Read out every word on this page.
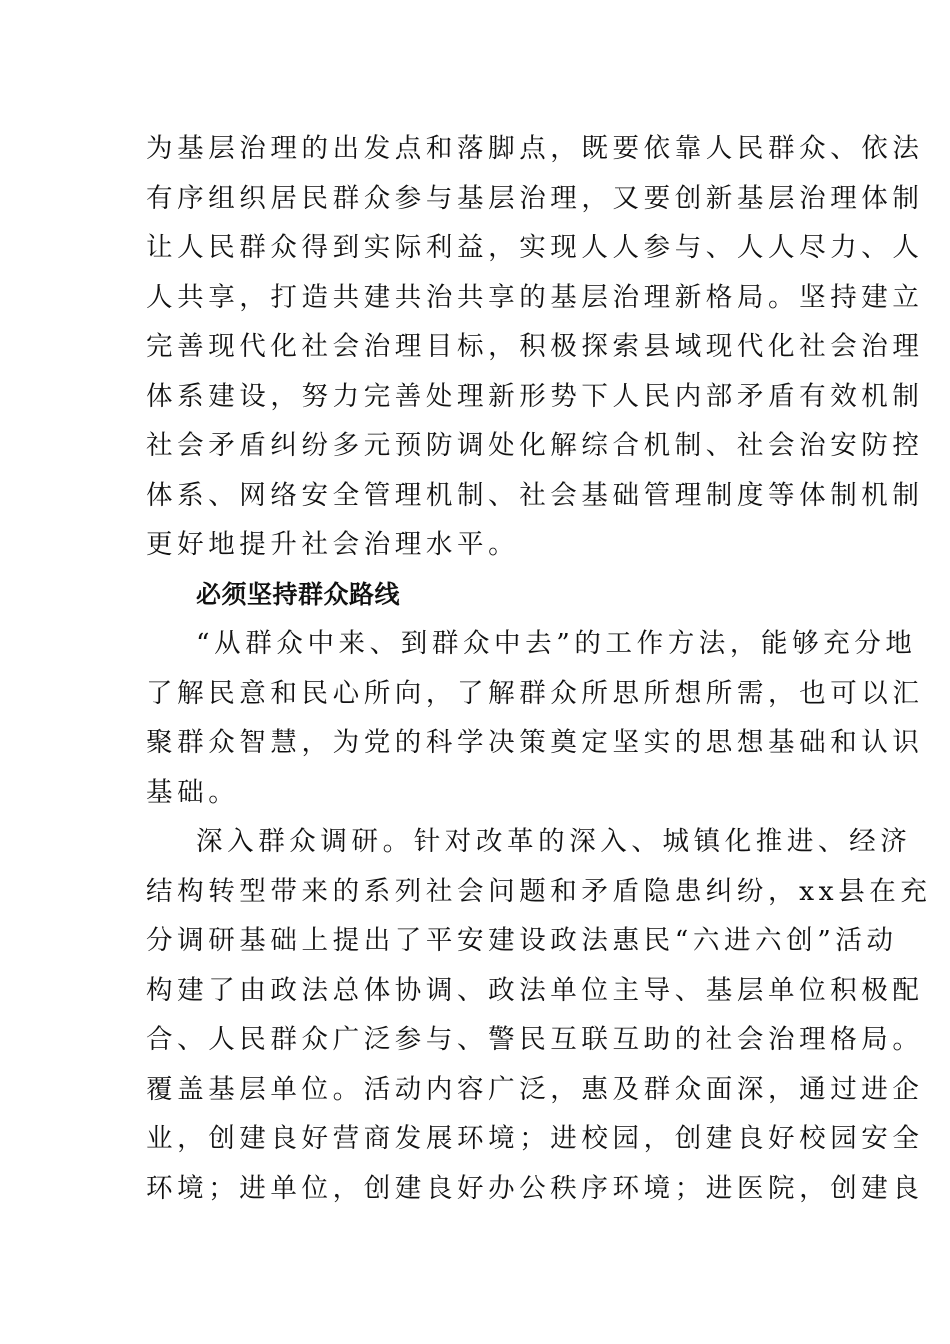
为基层治理的出发点和落脚点，既要依靠人民群众、依法
有序组织居民群众参与基层治理，又要创新基层治理体制
让人民群众得到实际利益，实现人人参与、人人尽力、人
人共享，打造共建共治共享的基层治理新格局。坚持建立
完善现代化社会治理目标，积极探索县域现代化社会治理
体系建设，努力完善处理新形势下人民内部矛盾有效机制
社会矛盾纠纷多元预防调处化解综合机制、社会治安防控
体系、网络安全管理机制、社会基础管理制度等体制机制
更好地提升社会治理水平。
必须坚持群众路线
“从群众中来、到群众中去”的工作方法，能够充分地
了解民意和民心所向，了解群众所思所想所需，也可以汇
聚群众智慧，为党的科学决策奠定坚实的思想基础和认识
基础。
深入群众调研。针对改革的深入、城镇化推进、经济
结构转型带来的系列社会问题和矛盾隐患纠纷，xx县在充
分调研基础上提出了平安建设政法惠民“六进六创”活动
构建了由政法总体协调、政法单位主导、基层单位积极配
合、人民群众广泛参与、警民互联互助的社会治理格局。
覆盖基层单位。活动内容广泛，惠及群众面深，通过进企
业，创建良好营商发展环境；进校园，创建良好校园安全
环境；进单位，创建良好办公秩序环境；进医院，创建良
